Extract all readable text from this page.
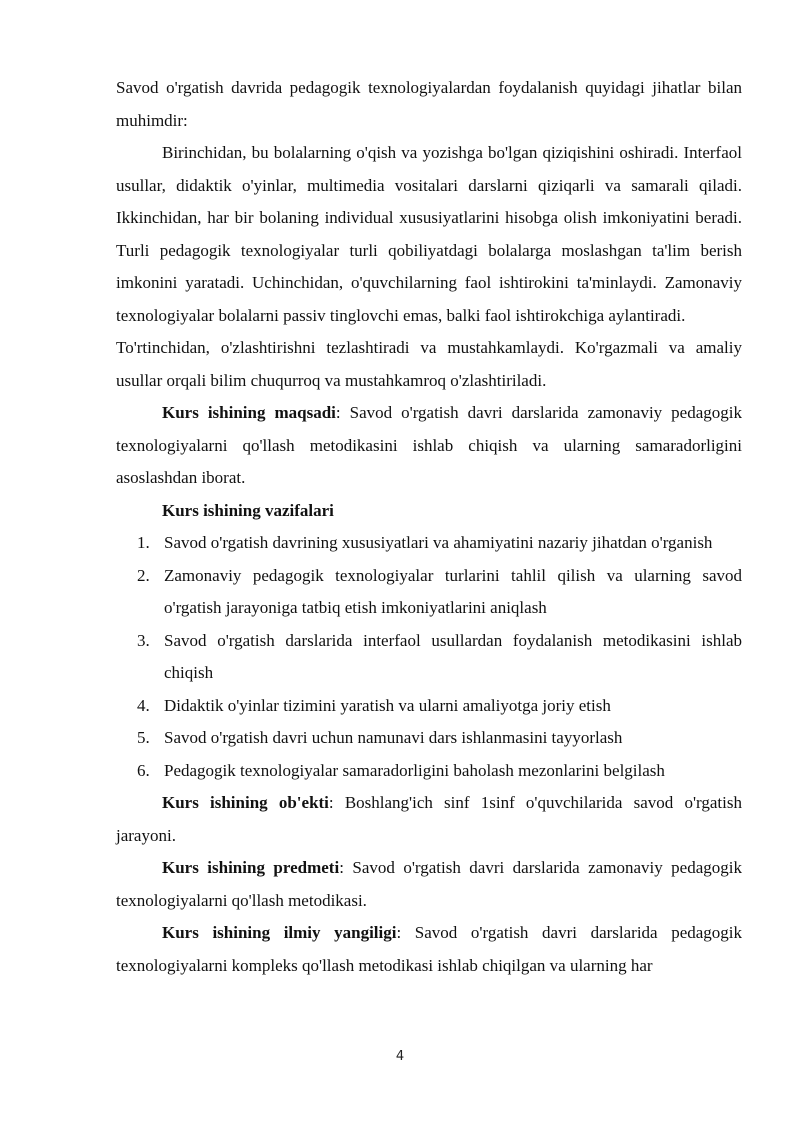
Savod o'rgatish davrida pedagogik texnologiyalardan foydalanish quyidagi jihatlar bilan muhimdir:

Birinchidan, bu bolalarning o'qish va yozishga bo'lgan qiziqishini oshiradi. Interfaol usullar, didaktik o'yinlar, multimedia vositalari darslarni qiziqarli va samarali qiladi. Ikkinchidan, har bir bolaning individual xususiyatlarini hisobga olish imkoniyatini beradi. Turli pedagogik texnologiyalar turli qobiliyatdagi bolalarga moslashgan ta'lim berish imkonini yaratadi. Uchinchidan, o'quvchilarning faol ishtirokini ta'minlaydi. Zamonaviy texnologiyalar bolalarni passiv tinglovchi emas, balki faol ishtirokchiga aylantiradi.

To'rtinchidan, o'zlashtirishni tezlashtiradi va mustahkamlaydi. Ko'rgazmali va amaliy usullar orqali bilim chuqurroq va mustahkamroq o'zlashtiriladi.

Kurs ishining maqsadi: Savod o'rgatish davri darslarida zamonaviy pedagogik texnologiyalarni qo'llash metodikasini ishlab chiqish va ularning samaradorligini asoslashdan iborat.

Kurs ishining vazifalari

1. Savod o'rgatish davrining xususiyatlari va ahamiyatini nazariy jihatdan o'rganish
2. Zamonaviy pedagogik texnologiyalar turlarini tahlil qilish va ularning savod o'rgatish jarayoniga tatbiq etish imkoniyatlarini aniqlash
3. Savod o'rgatish darslarida interfaol usullardan foydalanish metodikasini ishlab chiqish
4. Didaktik o'yinlar tizimini yaratish va ularni amaliyotga joriy etish
5. Savod o'rgatish davri uchun namunavi dars ishlanmasini tayyorlash
6. Pedagogik texnologiyalar samaradorligini baholash mezonlarini belgilash

Kurs ishining ob'ekti: Boshlang'ich sinf 1sinf o'quvchilarida savod o'rgatish jarayoni.

Kurs ishining predmeti: Savod o'rgatish davri darslarida zamonaviy pedagogik texnologiyalarni qo'llash metodikasi.

Kurs ishining ilmiy yangiligi: Savod o'rgatish davri darslarida pedagogik texnologiyalarni kompleks qo'llash metodikasi ishlab chiqilgan va ularning har

4
